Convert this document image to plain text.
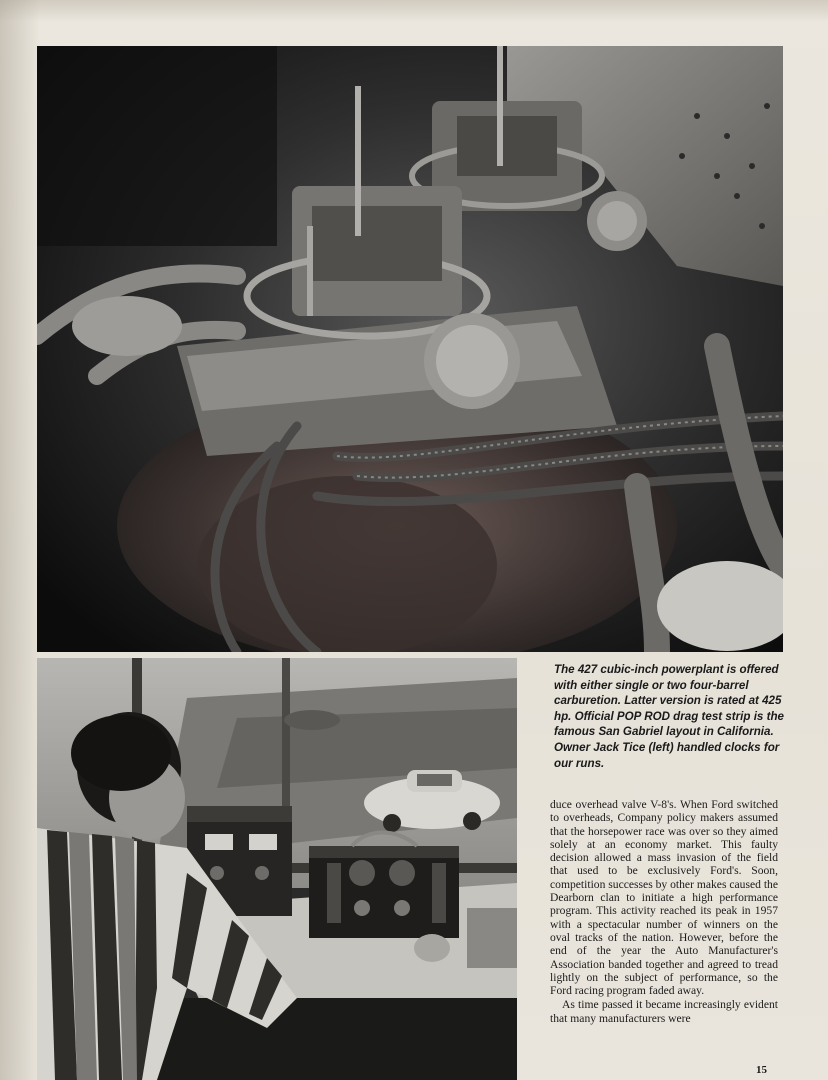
The 427 cubic-inch powerplant is offered with either single or two four-barrel carburetion. Latter version is rated at 425 hp. Official POP ROD drag test strip is the famous San Gabriel layout in California. Owner Jack Tice (left) handled clocks for our runs.

duce overhead valve V-8's. When Ford switched to overheads, Company policy makers assumed that the horsepower race was over so they aimed solely at an economy market. This faulty decision allowed a mass invasion of the field that used to be exclusively Ford's. Soon, competition successes by other makes caused the Dearborn clan to initiate a high performance program. This activity reached its peak in 1957 with a spectacular number of winners on the oval tracks of the nation. However, before the end of the year the Auto Manufacturer's Association banded together and agreed to tread lightly on the subject of performance, so the Ford racing program faded away.

As time passed it became increasingly evident that many manufacturers were

15
